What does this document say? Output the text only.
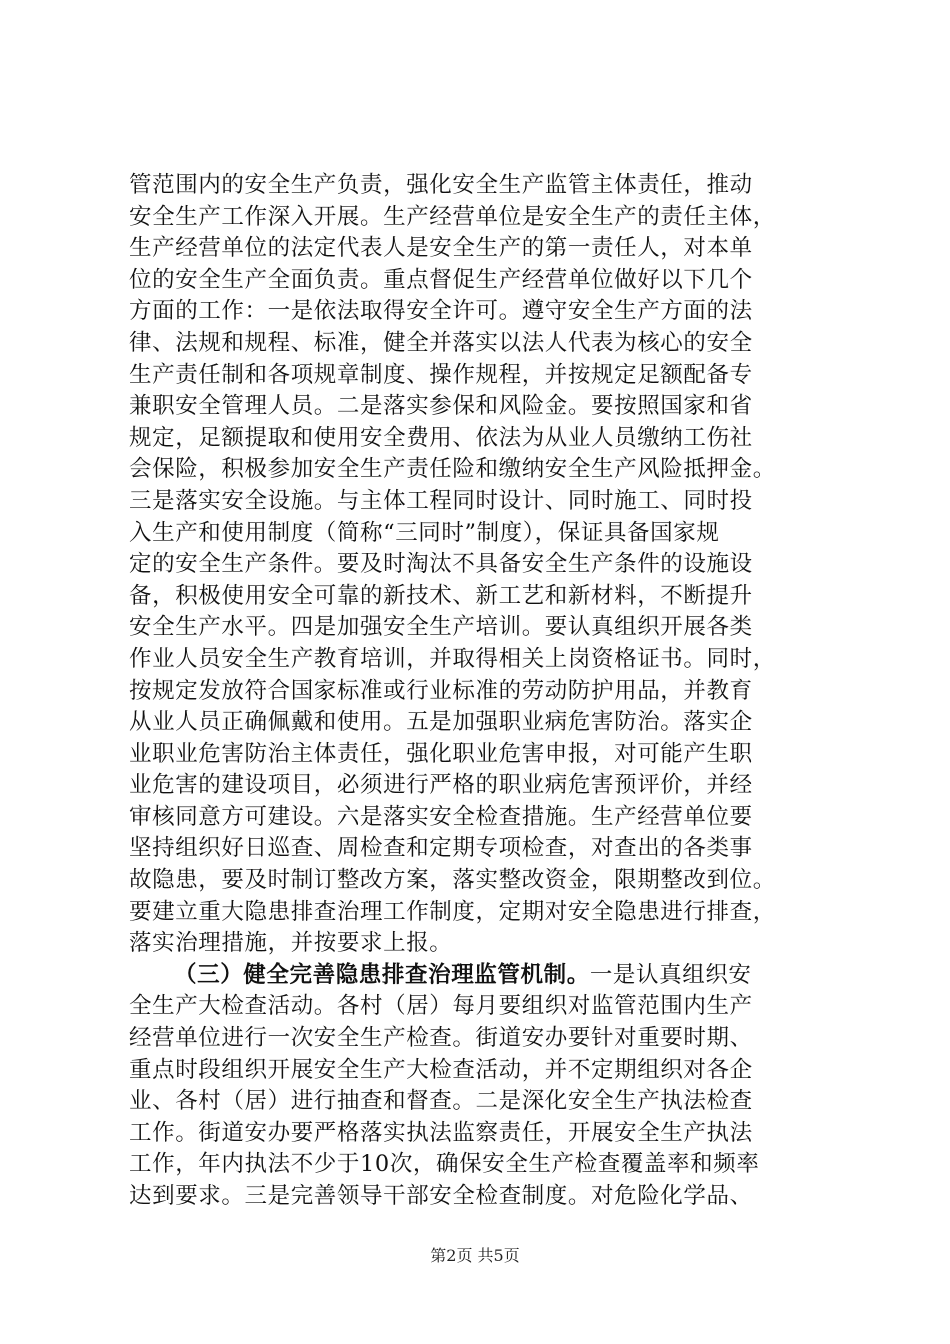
管范围内的安全生产负责，强化安全生产监管主体责任，推动
安全生产工作深入开展。生产经营单位是安全生产的责任主体，
生产经营单位的法定代表人是安全生产的第一责任人，对本单
位的安全生产全面负责。重点督促生产经营单位做好以下几个
方面的工作：一是依法取得安全许可。遵守安全生产方面的法
律、法规和规程、标准，健全并落实以法人代表为核心的安全
生产责任制和各项规章制度、操作规程，并按规定足额配备专
兼职安全管理人员。二是落实参保和风险金。要按照国家和省
规定，足额提取和使用安全费用、依法为从业人员缴纳工伤社
会保险，积极参加安全生产责任险和缴纳安全生产风险抵押金。
三是落实安全设施。与主体工程同时设计、同时施工、同时投
入生产和使用制度（简称“三同时”制度），保证具备国家规
定的安全生产条件。要及时淘汰不具备安全生产条件的设施设
备，积极使用安全可靠的新技术、新工艺和新材料，不断提升
安全生产水平。四是加强安全生产培训。要认真组织开展各类
作业人员安全生产教育培训，并取得相关上岗资格证书。同时，
按规定发放符合国家标准或行业标准的劳动防护用品，并教育
从业人员正确佩戴和使用。五是加强职业病危害防治。落实企
业职业危害防治主体责任，强化职业危害申报，对可能产生职
业危害的建设项目，必须进行严格的职业病危害预评价，并经
审核同意方可建设。六是落实安全检查措施。生产经营单位要
坚持组织好日巡查、周检查和定期专项检查，对查出的各类事
故隐患，要及时制订整改方案，落实整改资金，限期整改到位。
要建立重大隐患排查治理工作制度，定期对安全隐患进行排查，
落实治理措施，并按要求上报。
（三）健全完善隐患排查治理监管机制。一是认真组织安
全生产大检查活动。各村（居）每月要组织对监管范围内生产
经营单位进行一次安全生产检查。街道安办要针对重要时期、
重点时段组织开展安全生产大检查活动，并不定期组织对各企
业、各村（居）进行抽查和督查。二是深化安全生产执法检查
工作。街道安办要严格落实执法监察责任，开展安全生产执法
工作，年内执法不少于10次，确保安全生产检查覆盖率和频率
达到要求。三是完善领导干部安全检查制度。对危险化学品、
第2页 共5页
